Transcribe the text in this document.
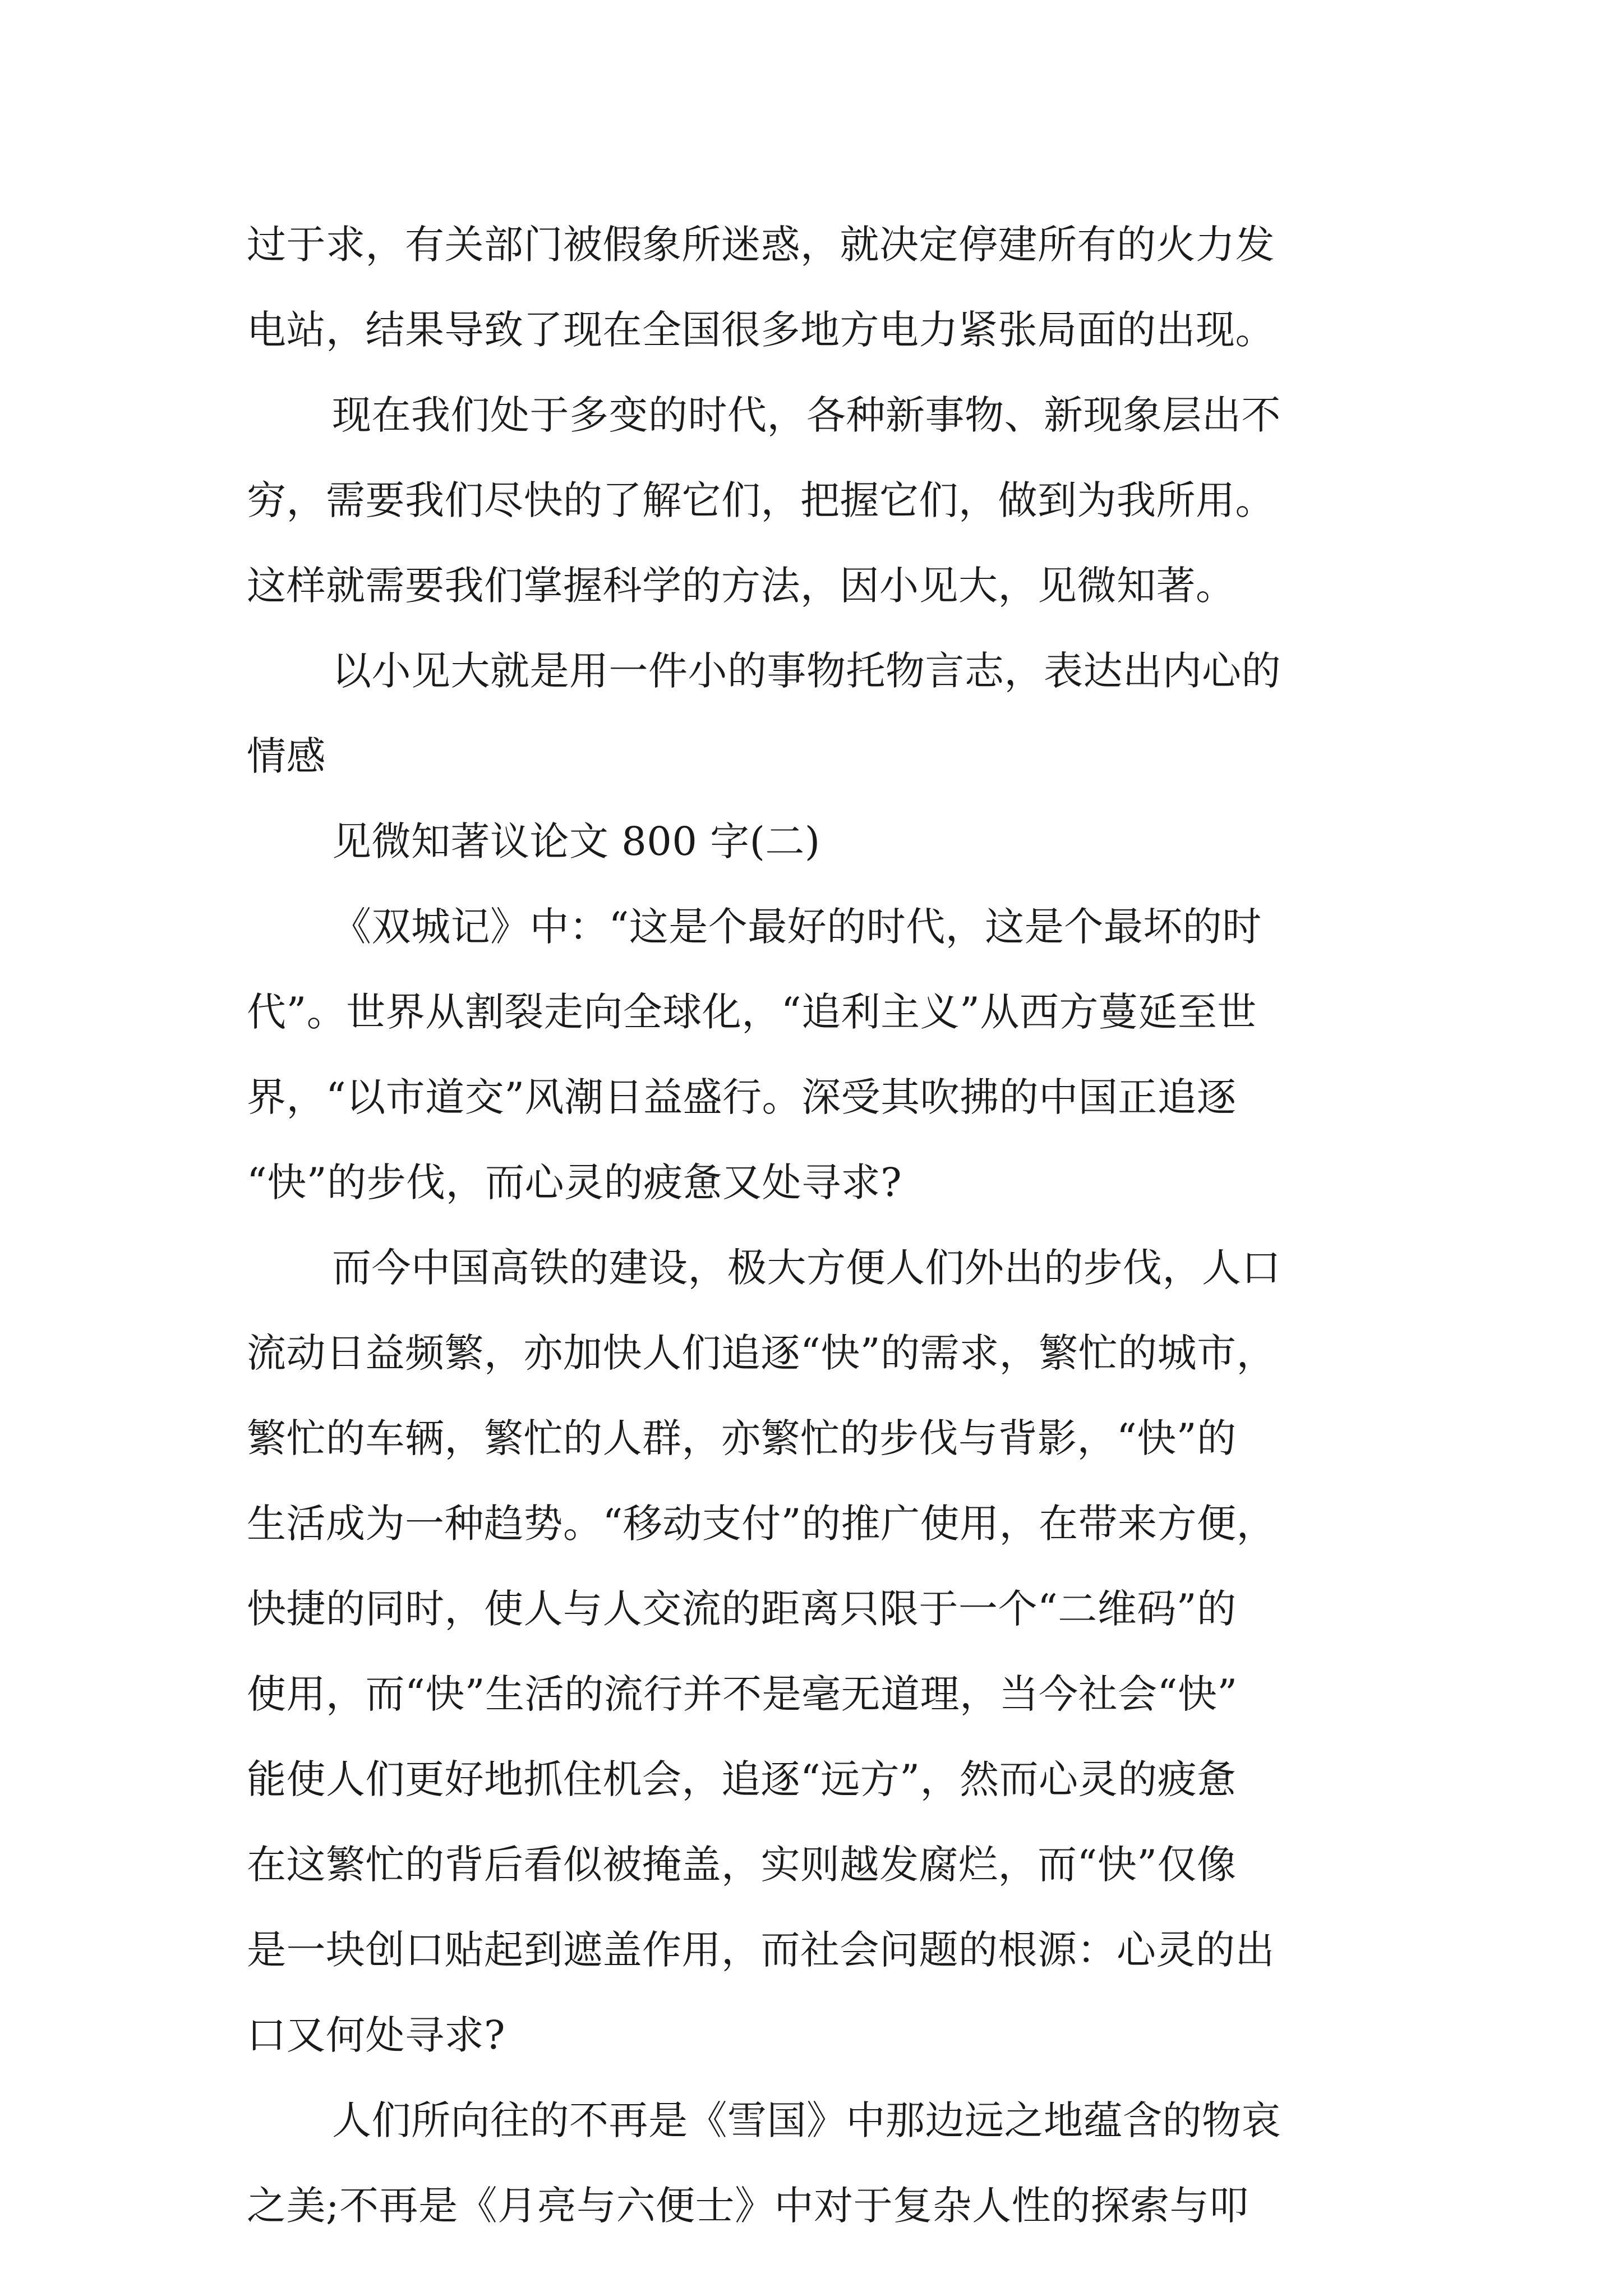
过于求，有关部门被假象所迷惑，就决定停建所有的火力发
电站，结果导致了现在全国很多地方电力紧张局面的出现。
现在我们处于多变的时代，各种新事物、新现象层出不
穷，需要我们尽快的了解它们，把握它们，做到为我所用。
这样就需要我们掌握科学的方法，因小见大，见微知著。
以小见大就是用一件小的事物托物言志，表达出内心的
情感
见微知著议论文 800 字(二)
《双城记》中：“这是个最好的时代，这是个最坏的时
代”。世界从割裂走向全球化，“追利主义”从西方蔓延至世
界，“以市道交”风潮日益盛行。深受其吹拂的中国正追逐
“快”的步伐，而心灵的疲惫又处寻求?
而今中国高铁的建设，极大方便人们外出的步伐，人口
流动日益频繁，亦加快人们追逐“快”的需求，繁忙的城市，
繁忙的车辆，繁忙的人群，亦繁忙的步伐与背影，“快”的
生活成为一种趋势。“移动支付”的推广使用，在带来方便，
快捷的同时，使人与人交流的距离只限于一个“二维码”的
使用，而“快”生活的流行并不是毫无道理，当今社会“快”
能使人们更好地抓住机会，追逐“远方”，然而心灵的疲惫
在这繁忙的背后看似被掩盖，实则越发腐烂，而“快”仅像
是一块创口贴起到遮盖作用，而社会问题的根源：心灵的出
口又何处寻求?
人们所向往的不再是《雪国》中那边远之地蕴含的物哀
之美;不再是《月亮与六便士》中对于复杂人性的探索与叩
